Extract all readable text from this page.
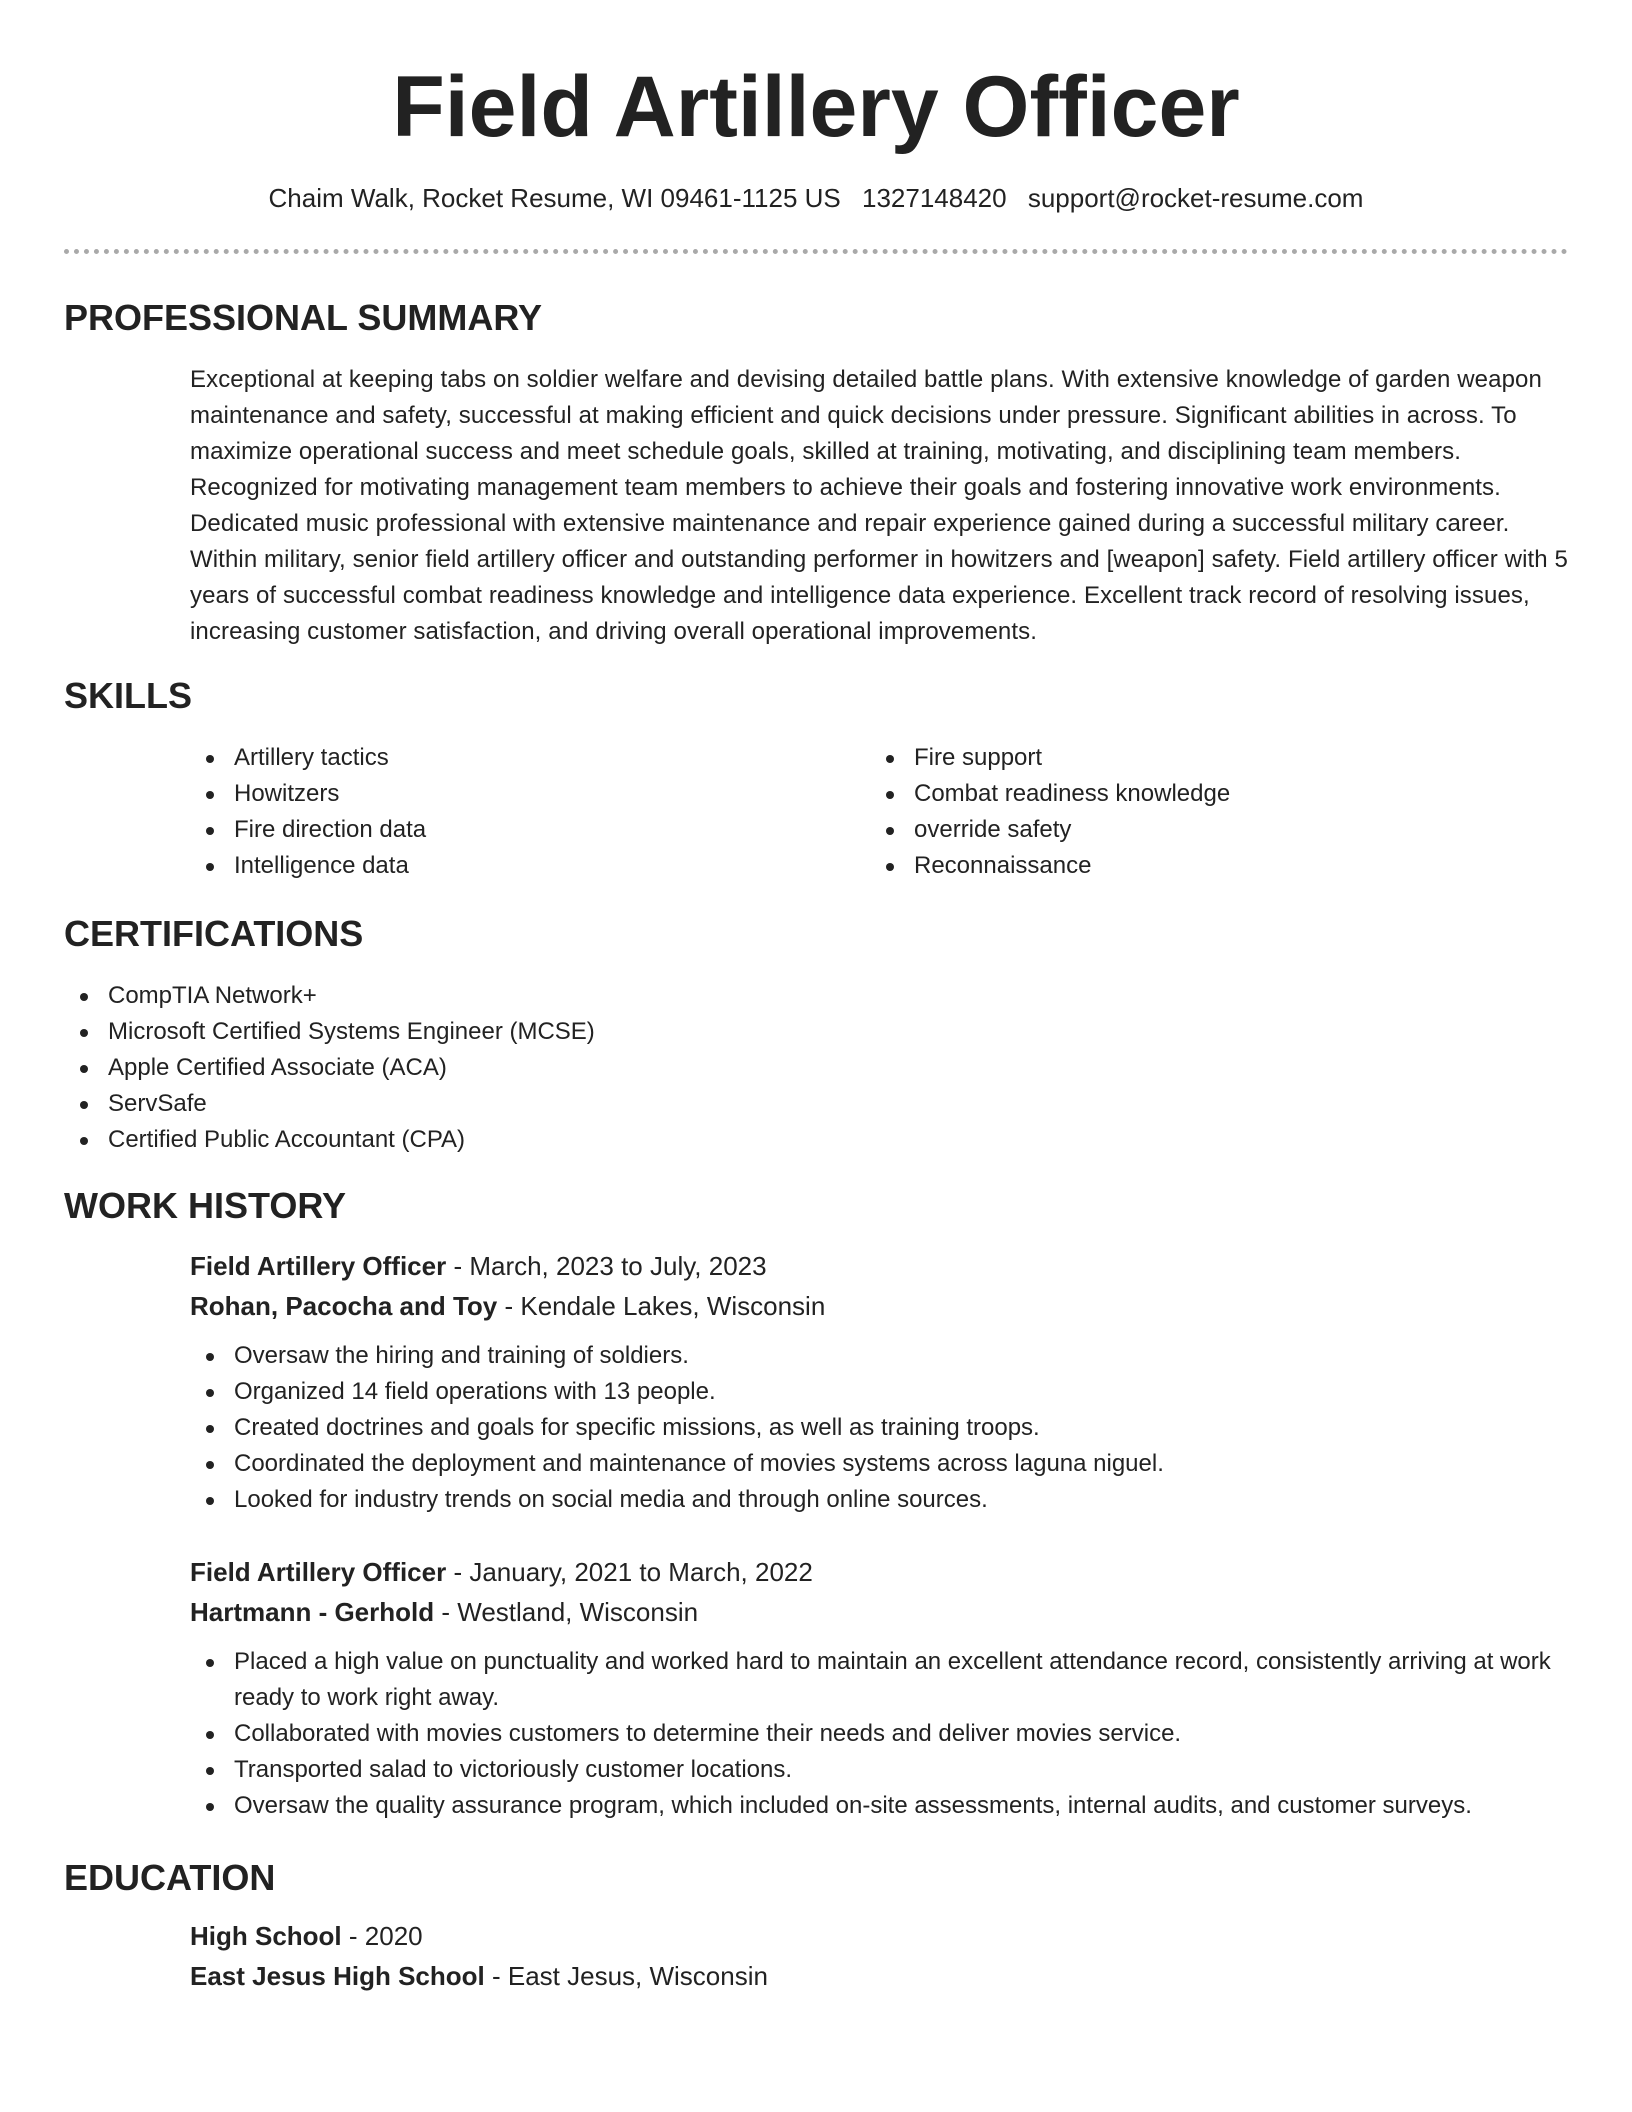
Field Artillery Officer
Chaim Walk, Rocket Resume, WI 09461-1125 US 1327148420 support@rocket-resume.com
PROFESSIONAL SUMMARY
Exceptional at keeping tabs on soldier welfare and devising detailed battle plans. With extensive knowledge of garden weapon maintenance and safety, successful at making efficient and quick decisions under pressure. Significant abilities in across. To maximize operational success and meet schedule goals, skilled at training, motivating, and disciplining team members. Recognized for motivating management team members to achieve their goals and fostering innovative work environments. Dedicated music professional with extensive maintenance and repair experience gained during a successful military career. Within military, senior field artillery officer and outstanding performer in howitzers and [weapon] safety. Field artillery officer with 5 years of successful combat readiness knowledge and intelligence data experience. Excellent track record of resolving issues, increasing customer satisfaction, and driving overall operational improvements.
SKILLS
Artillery tactics
Howitzers
Fire direction data
Intelligence data
Fire support
Combat readiness knowledge
override safety
Reconnaissance
CERTIFICATIONS
CompTIA Network+
Microsoft Certified Systems Engineer (MCSE)
Apple Certified Associate (ACA)
ServSafe
Certified Public Accountant (CPA)
WORK HISTORY
Field Artillery Officer - March, 2023 to July, 2023
Rohan, Pacocha and Toy - Kendale Lakes, Wisconsin
Oversaw the hiring and training of soldiers.
Organized 14 field operations with 13 people.
Created doctrines and goals for specific missions, as well as training troops.
Coordinated the deployment and maintenance of movies systems across laguna niguel.
Looked for industry trends on social media and through online sources.
Field Artillery Officer - January, 2021 to March, 2022
Hartmann - Gerhold - Westland, Wisconsin
Placed a high value on punctuality and worked hard to maintain an excellent attendance record, consistently arriving at work ready to work right away.
Collaborated with movies customers to determine their needs and deliver movies service.
Transported salad to victoriously customer locations.
Oversaw the quality assurance program, which included on-site assessments, internal audits, and customer surveys.
EDUCATION
High School - 2020
East Jesus High School - East Jesus, Wisconsin
